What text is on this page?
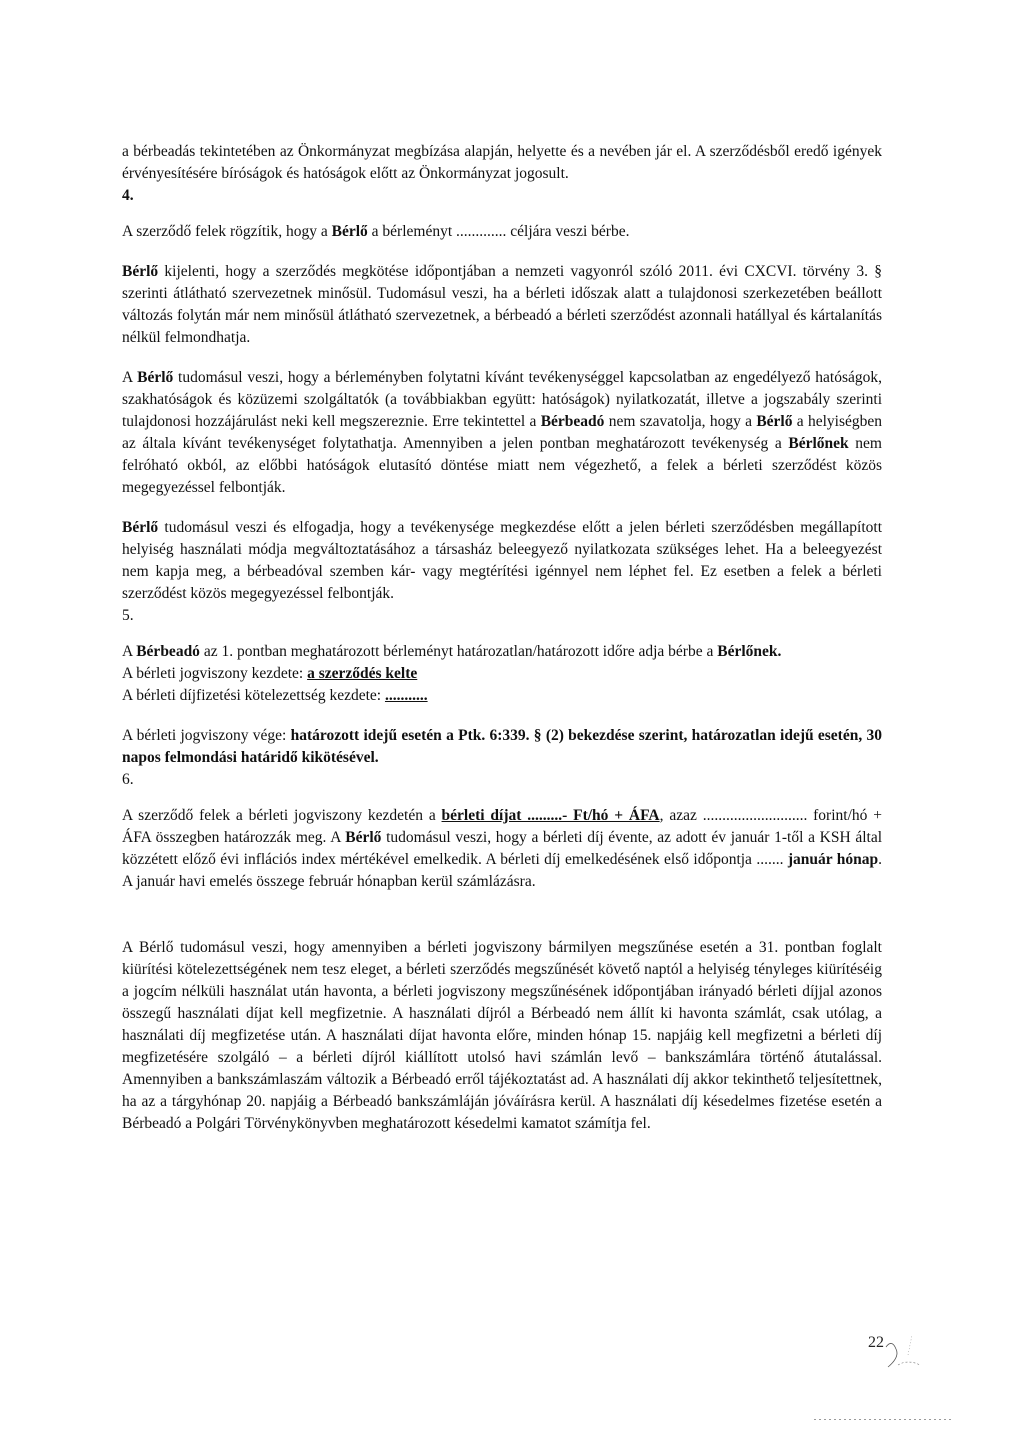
a bérbeadás tekintetében az Önkormányzat megbízása alapján, helyette és a nevében jár el. A szerződésből eredő igények érvényesítésére bíróságok és hatóságok előtt az Önkormányzat jogosult.

4.

A szerződő felek rögzítik, hogy a Bérlő a bérleményt ............. céljára veszi bérbe.

Bérlő kijelenti, hogy a szerződés megkötése időpontjában a nemzeti vagyonról szóló 2011. évi CXCVI. törvény 3. § szerinti átlátható szervezetnek minősül. Tudomásul veszi, ha a bérleti időszak alatt a tulajdonosi szerkezetében beállott változás folytán már nem minősül átlátható szervezetnek, a bérbeadó a bérleti szerződést azonnali hatállyal és kártalanítás nélkül felmondhatja.

A Bérlő tudomásul veszi, hogy a bérleményben folytatni kívánt tevékenységgel kapcsolatban az engedélyező hatóságok, szakhatóságok és közüzemi szolgáltatók (a továbbiakban együtt: hatóságok) nyilatkozatát, illetve a jogszabály szerinti tulajdonosi hozzájárulást neki kell megszereznie. Erre tekintettel a Bérbeadó nem szavatolja, hogy a Bérlő a helyiségben az általa kívánt tevékenységet folytathatja. Amennyiben a jelen pontban meghatározott tevékenység a Bérlőnek nem felróható okból, az előbbi hatóságok elutasító döntése miatt nem végezhető, a felek a bérleti szerződést közös megegyezéssel felbontják.

Bérlő tudomásul veszi és elfogadja, hogy a tevékenysége megkezdése előtt a jelen bérleti szerződésben megállapított helyiség használati módja megváltoztatásához a társasház beleegyező nyilatkozata szükséges lehet. Ha a beleegyezést nem kapja meg, a bérbeadóval szemben kár- vagy megtérítési igénnyel nem léphet fel. Ez esetben a felek a bérleti szerződést közös megegyezéssel felbontják.

5.

A Bérbeadó az 1. pontban meghatározott bérleményt határozatlan/határozott időre adja bérbe a Bérlőnek.

A bérleti jogviszony kezdete: a szerződés kelte

A bérleti díjfizetési kötelezettség kezdete: ...........

A bérleti jogviszony vége: határozott idejű esetén a Ptk. 6:339. § (2) bekezdése szerint, határozatlan idejű esetén, 30 napos felmondási határidő kikötésével.

6.

A szerződő felek a bérleti jogviszony kezdetén a bérleti díjat .........- Ft/hó + ÁFA, azaz ........................... forint/hó + ÁFA összegben határozzák meg. A Bérlő tudomásul veszi, hogy a bérleti díj évente, az adott év január 1-től a KSH által közzétett előző évi inflációs index mértékével emelkedik. A bérleti díj emelkedésének első időpontja ....... január hónap. A január havi emelés összege február hónapban kerül számlázásra.

A Bérlő tudomásul veszi, hogy amennyiben a bérleti jogviszony bármilyen megszűnése esetén a 31. pontban foglalt kiürítési kötelezettségének nem tesz eleget, a bérleti szerződés megszűnését követő naptól a helyiség tényleges kiürítéséig a jogcím nélküli használat után havonta, a bérleti jogviszony megszűnésének időpontjában irányadó bérleti díjjal azonos összegű használati díjat kell megfizetnie. A használati díjról a Bérbeadó nem állít ki havonta számlát, csak utólag, a használati díj megfizetése után. A használati díjat havonta előre, minden hónap 15. napjáig kell megfizetni a bérleti díj megfizetésére szolgáló – a bérleti díjról kiállított utolsó havi számlán levő – bankszámlára történő átutalással. Amennyiben a bankszámlaszám változik a Bérbeadó erről tájékoztatást ad. A használati díj akkor tekinthető teljesítettnek, ha az a tárgyhónap 20. napjáig a Bérbeadó bankszámláján jóváírásra kerül. A használati díj késedelmes fizetése esetén a Bérbeadó a Polgári Törvénykönyvben meghatározott késedelmi kamatot számítja fel.

22
